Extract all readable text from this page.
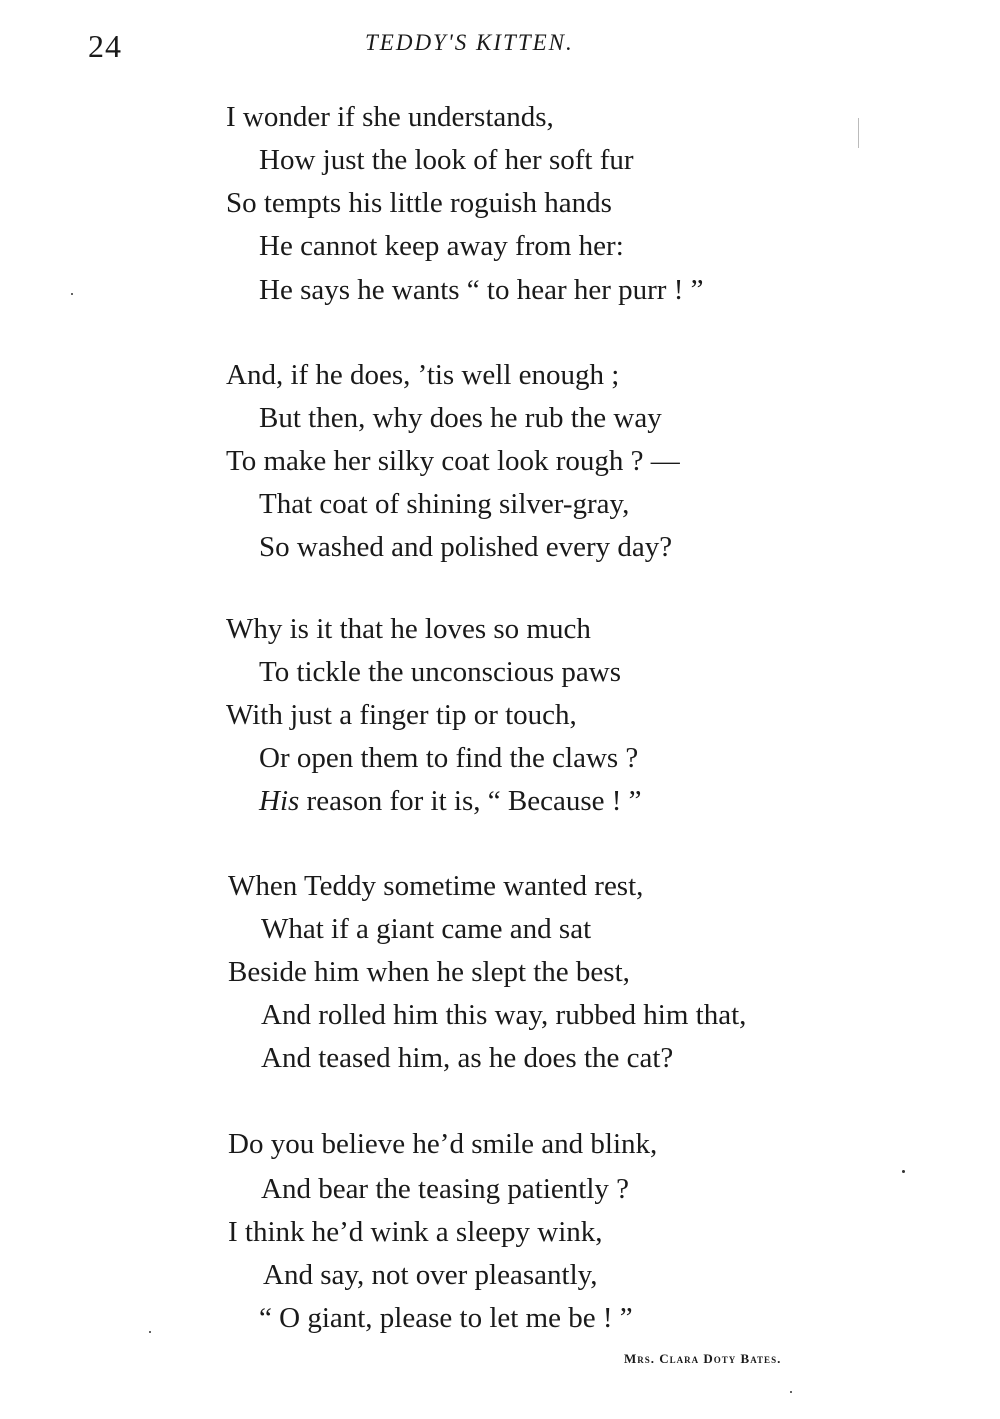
24	TEDDY'S KITTEN.
I wonder if she understands,
How just the look of her soft fur
So tempts his little roguish hands
He cannot keep away from her:
He says he wants “ to hear her purr ! ”
And, if he does, ’tis well enough ;
But then, why does he rub the way
To make her silky coat look rough ? —
That coat of shining silver-gray,
So washed and polished every day?
Why is it that he loves so much
To tickle the unconscious paws
With just a finger tip or touch,
Or open them to find the claws ?
His reason for it is, “ Because ! ”
When Teddy sometime wanted rest,
What if a giant came and sat
Beside him when he slept the best,
And rolled him this way, rubbed him that,
And teased him, as he does the cat?
Do you believe he’d smile and blink,
And bear the teasing patiently ?
I think he’d wink a sleepy wink,
And say, not over pleasantly,
“ O giant, please to let me be ! ”
Mrs. Clara Doty Bates.
